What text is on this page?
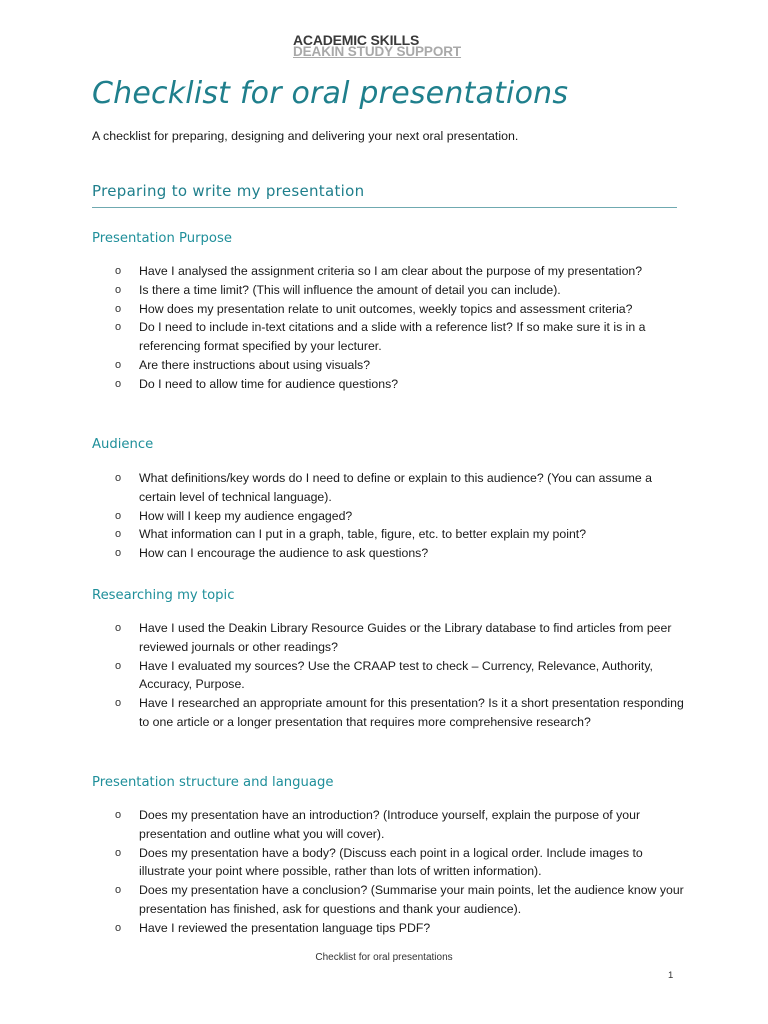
ACADEMIC SKILLS
DEAKIN STUDY SUPPORT
Checklist for oral presentations

A checklist for preparing, designing and delivering your next oral presentation.

Preparing to write my presentation
Presentation Purpose
o Have I analysed the assignment criteria so I am clear about the purpose of my presentation?
o Is there a time limit? (This will influence the amount of detail you can include).
o How does my presentation relate to unit outcomes, weekly topics and assessment criteria?
o Do I need to include in-text citations and a slide with a reference list? If so make sure it is in a referencing format specified by your lecturer.
o Are there instructions about using visuals?
o Do I need to allow time for audience questions?
Audience
o What definitions/key words do I need to define or explain to this audience? (You can assume a certain level of technical language).
o How will I keep my audience engaged?
o What information can I put in a graph, table, figure, etc. to better explain my point?
o How can I encourage the audience to ask questions?
Researching my topic
o Have I used the Deakin Library Resource Guides or the Library database to find articles from peer reviewed journals or other readings?
o Have I evaluated my sources? Use the CRAAP test to check – Currency, Relevance, Authority, Accuracy, Purpose.
o Have I researched an appropriate amount for this presentation? Is it a short presentation responding to one article or a longer presentation that requires more comprehensive research?
Presentation structure and language
o Does my presentation have an introduction? (Introduce yourself, explain the purpose of your presentation and outline what you will cover).
o Does my presentation have a body? (Discuss each point in a logical order. Include images to illustrate your point where possible, rather than lots of written information).
o Does my presentation have a conclusion? (Summarise your main points, let the audience know your presentation has finished, ask for questions and thank your audience).
o Have I reviewed the presentation language tips PDF?
Checklist for oral presentations
1
